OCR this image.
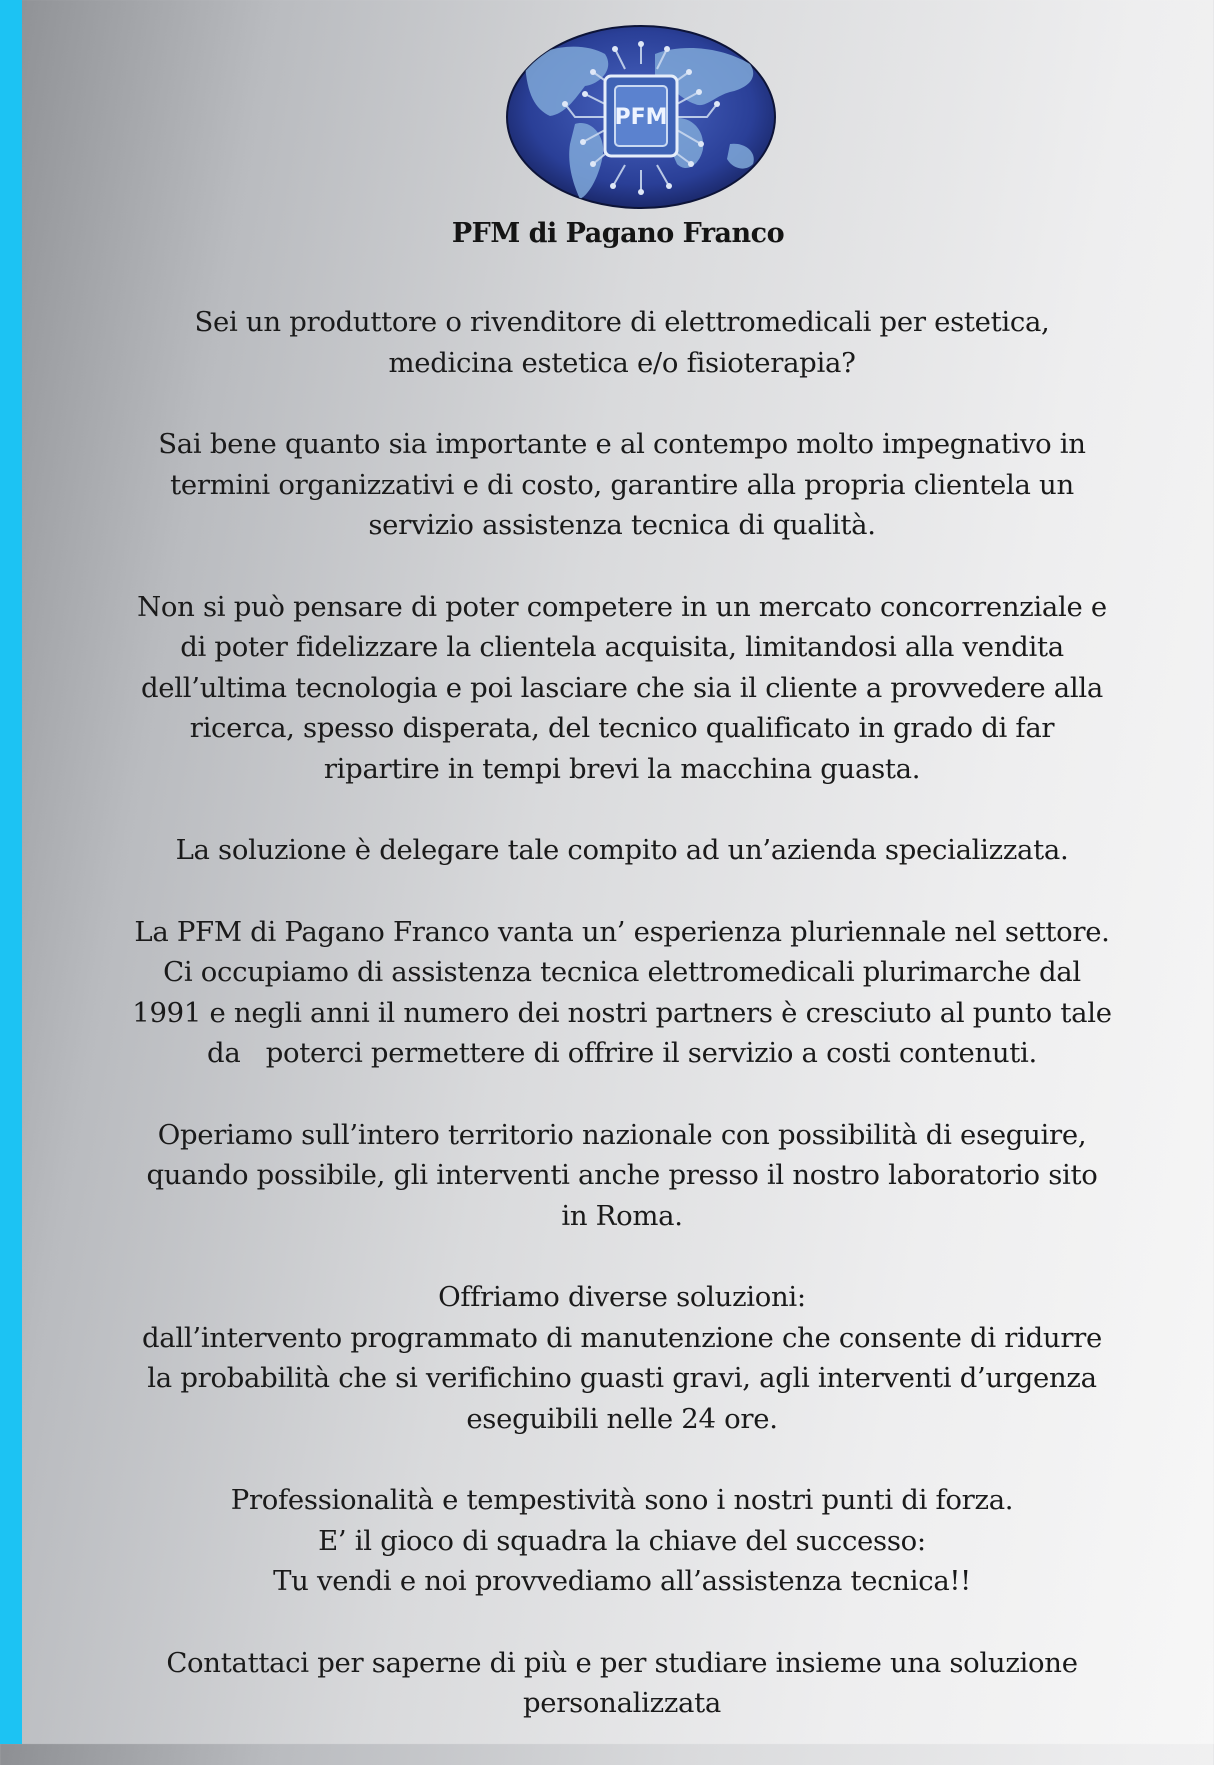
PFM
PFM di Pagano Franco

Sei un produttore o rivenditore di elettromedicali per estetica,
medicina estetica e/o fisioterapia?

Sai bene quanto sia importante e al contempo molto impegnativo in
termini organizzativi e di costo, garantire alla propria clientela un
servizio assistenza tecnica di qualità.

Non si può pensare di poter competere in un mercato concorrenziale e
di poter fidelizzare la clientela acquisita, limitandosi alla vendita
dell’ultima tecnologia e poi lasciare che sia il cliente a provvedere alla
ricerca, spesso disperata, del tecnico qualificato in grado di far
ripartire in tempi brevi la macchina guasta.

La soluzione è delegare tale compito ad un’azienda specializzata.

La PFM di Pagano Franco vanta un’ esperienza pluriennale nel settore.
Ci occupiamo di assistenza tecnica elettromedicali plurimarche dal
1991 e negli anni il numero dei nostri partners è cresciuto al punto tale
da   poterci permettere di offrire il servizio a costi contenuti.

Operiamo sull’intero territorio nazionale con possibilità di eseguire,
quando possibile, gli interventi anche presso il nostro laboratorio sito
in Roma.

Offriamo diverse soluzioni:
dall’intervento programmato di manutenzione che consente di ridurre
la probabilità che si verifichino guasti gravi, agli interventi d’urgenza
eseguibili nelle 24 ore.

Professionalità e tempestività sono i nostri punti di forza.
E’ il gioco di squadra la chiave del successo:
Tu vendi e noi provvediamo all’assistenza tecnica!!

Contattaci per saperne di più e per studiare insieme una soluzione
personalizzata
